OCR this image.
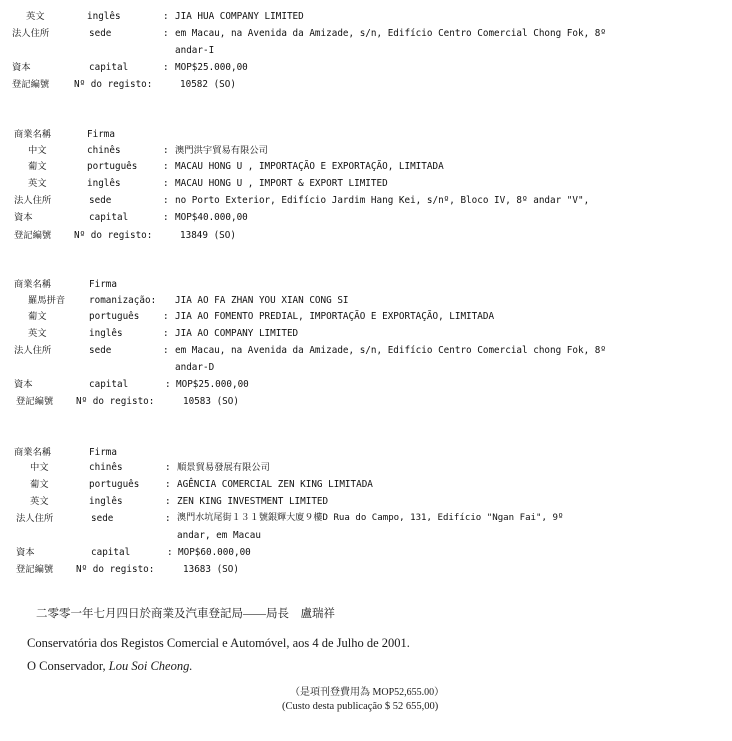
英文	inglês	: JIA HUA COMPANY LIMITED
法人住所	sede	: em Macau, na Avenida da Amizade, s/n, Edifício Centro Comercial Chong Fok, 8º
andar-I
資本	capital	: MOP$25.000,00
登記編號	Nº do registo:	10582 (SO)
商業名稱	Firma
中文	chinês	: 澳門洪宇貿易有限公司
葡文	português	: MACAU HONG U , IMPORTAÇÃO E EXPORTAÇÃO, LIMITADA
英文	inglês	: MACAU HONG U , IMPORT & EXPORT LIMITED
法人住所	sede	: no Porto Exterior, Edifício Jardim Hang Kei, s/nº, Bloco IV, 8º andar "V",
資本	capital	: MOP$40.000,00
登記編號 Nº do registo:	13849 (SO)
商業名稱	Firma
羅馬拼音	romanização: JIA AO FA ZHAN YOU XIAN CONG SI
葡文	português	: JIA AO FOMENTO PREDIAL, IMPORTAÇÃO E EXPORTAÇÃO, LIMITADA
英文	inglês	: JIA AO COMPANY LIMITED
法人住所	sede	: em Macau, na Avenida da Amizade, s/n, Edifício Centro Comercial chong Fok, 8º
andar-D
資本	capital	: MOP$25.000,00
登記編號 Nº do registo:	10583 (SO)
商業名稱	Firma
中文	chinês	: 順景貿易發展有限公司
葡文	português	: AGÊNCIA COMERCIAL ZEN KING LIMITADA
英文	inglês	: ZEN KING INVESTMENT LIMITED
法人住所	sede	: 澳門水坑尾街１３１號銀輝大廈９樓D Rua do Campo, 131, Edifício "Ngan Fai", 9º
andar, em Macau
資本	capital	: MOP$60.000,00
登記編號 Nº do registo:	13683 (SO)
二零零一年七月四日於商業及汽車登記局——局長　盧瑞祥
Conservatória dos Registos Comercial e Automóvel, aos 4 de Julho de 2001.
O Conservador, Lou Soi Cheong.
（是項刊登費用為 MOP52,655.00）
(Custo desta publicação $ 52 655,00)
